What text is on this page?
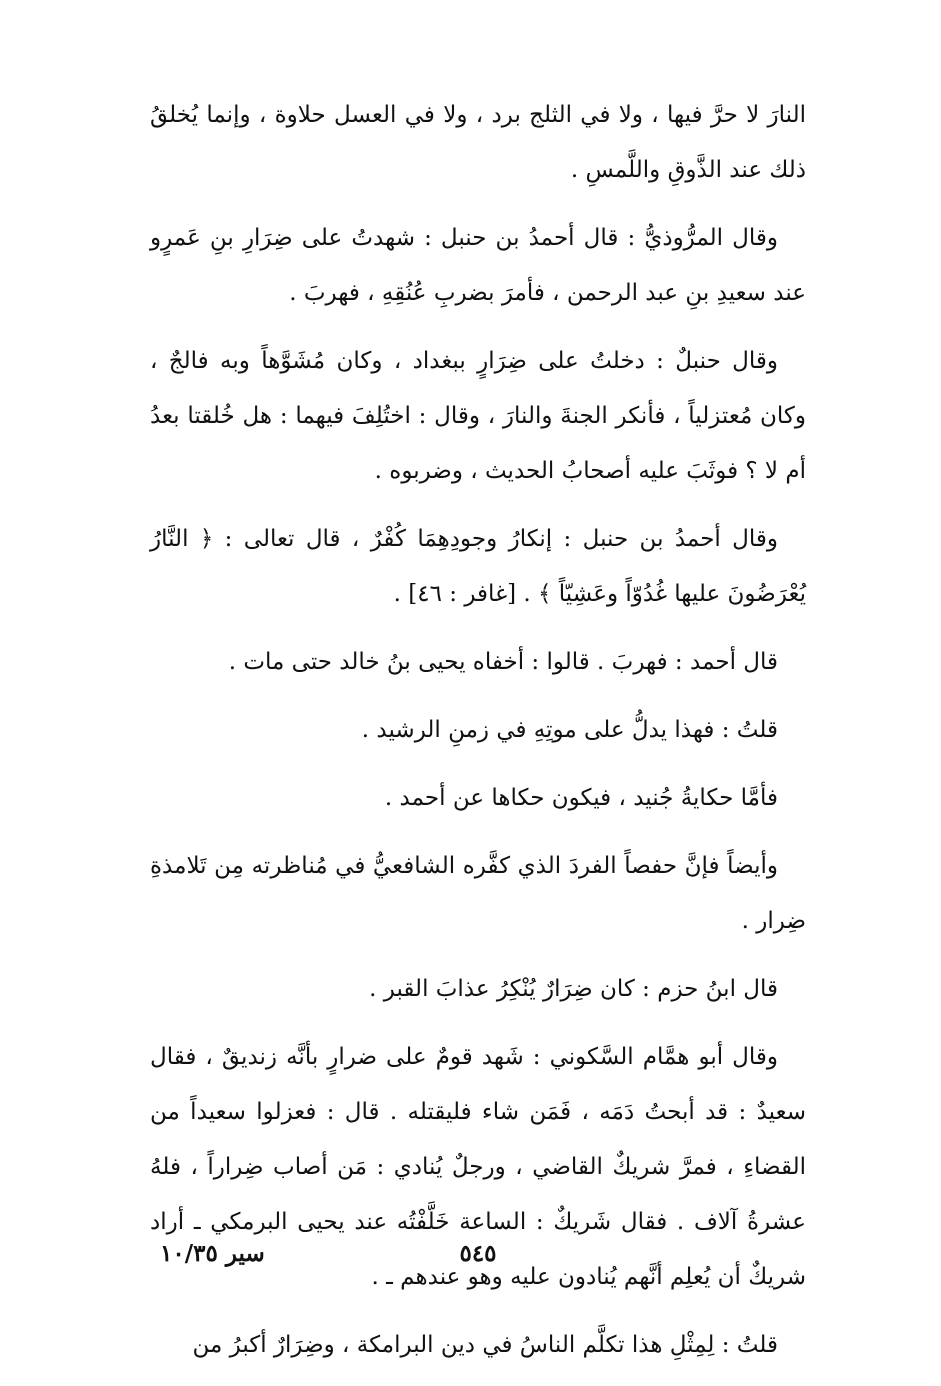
النارَ لا حرَّ فيها ، ولا في الثلج برد ، ولا في العسل حلاوة ، وإنما يُخلقُ ذلك عند الذَّوقِ واللَّمسِ .

وقال المرُّوذيُّ : قال أحمدُ بن حنبل : شهدتُ على ضِرَارِ بنِ عَمرٍو عند سعيدِ بنِ عبد الرحمن ، فأمرَ بضربِ عُنُقِهِ ، فهربَ .

وقال حنبلٌ : دخلتُ على ضِرَارٍ ببغداد ، وكان مُشَوَّهاً وبه فالجٌ ، وكان مُعتزلياً ، فأنكر الجنةَ والنارَ ، وقال : اختُلِفَ فيهما : هل خُلقتا بعدُ أم لا ؟ فوثَبَ عليه أصحابُ الحديث ، وضربوه .

وقال أحمدُ بن حنبل : إنكارُ وجودِهِمَا كُفْرٌ ، قال تعالى : ﴿ النَّارُ يُعْرَضُونَ عليها غُدُوّاً وعَشِيّاً ﴾ . [غافر : ٤٦] .

قال أحمد : فهربَ . قالوا : أخفاه يحيى بنُ خالد حتى مات .

قلتُ : فهذا يدلُّ على موتِهِ في زمنِ الرشيد .

فأمَّا حكايةُ جُنيد ، فيكون حكاها عن أحمد .

وأيضاً فإنَّ حفصاً الفردَ الذي كفَّره الشافعيُّ في مُناظرته مِن تَلامذةِ ضِرار .

قال ابنُ حزم : كان ضِرَارٌ يُنْكِرُ عذابَ القبر .

وقال أبو همَّام السَّكوني : شَهد قومٌ على ضرارٍ بأنَّه زنديقٌ ، فقال سعيدٌ : قد أبحتُ دَمَه ، فَمَن شاء فليقتله . قال : فعزلوا سعيداً من القضاءِ ، فمرَّ شريكٌ القاضي ، ورجلٌ يُنادي : مَن أصاب ضِراراً ، فلهُ عشرةُ آلاف . فقال شَريكٌ : الساعة خَلَّفْتُه عند يحيى البرمكي ـ أراد شريكٌ أن يُعلِم أنَّهم يُنادون عليه وهو عندهم ـ .

قلتُ : لِمِثْلِ هذا تكلَّم الناسُ في دين البرامكة ، وضِرَارٌ أكبرُ من

٥٤٥
سير ١٠/٣٥
